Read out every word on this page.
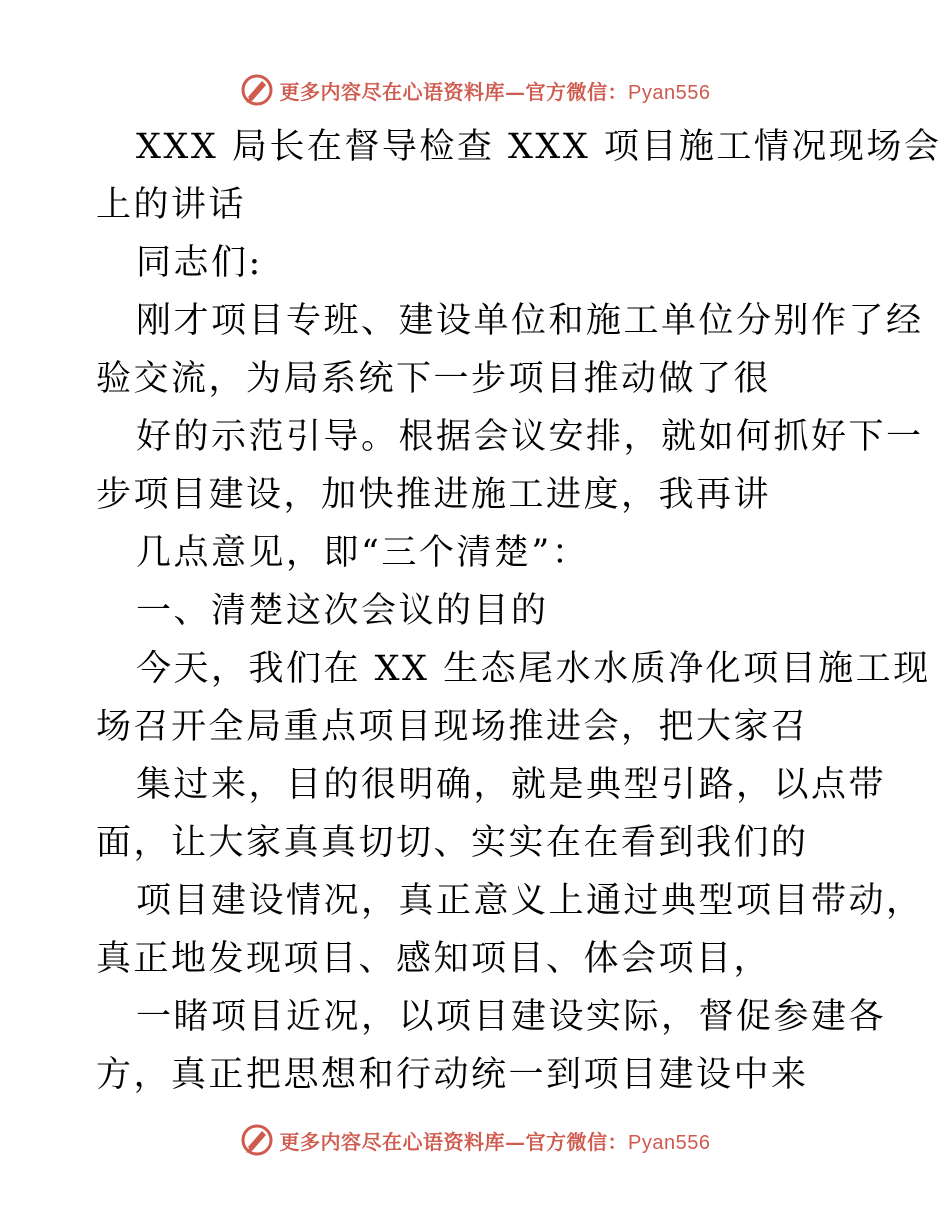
更多内容尽在心语资料库—官方微信：Pyan556
XXX 局长在督导检查 XXX 项目施工情况现场会
上的讲话
同志们:
刚才项目专班、建设单位和施工单位分别作了经
验交流，为局系统下一步项目推动做了很
好的示范引导。根据会议安排，就如何抓好下一
步项目建设，加快推进施工进度，我再讲
几点意见，即“三个清楚”：
一、清楚这次会议的目的
今天，我们在 XX 生态尾水水质净化项目施工现
场召开全局重点项目现场推进会，把大家召
集过来，目的很明确，就是典型引路，以点带
面，让大家真真切切、实实在在看到我们的
项目建设情况，真正意义上通过典型项目带动，
真正地发现项目、感知项目、体会项目，
一睹项目近况，以项目建设实际，督促参建各
方，真正把思想和行动统一到项目建设中来
更多内容尽在心语资料库—官方微信：Pyan556
